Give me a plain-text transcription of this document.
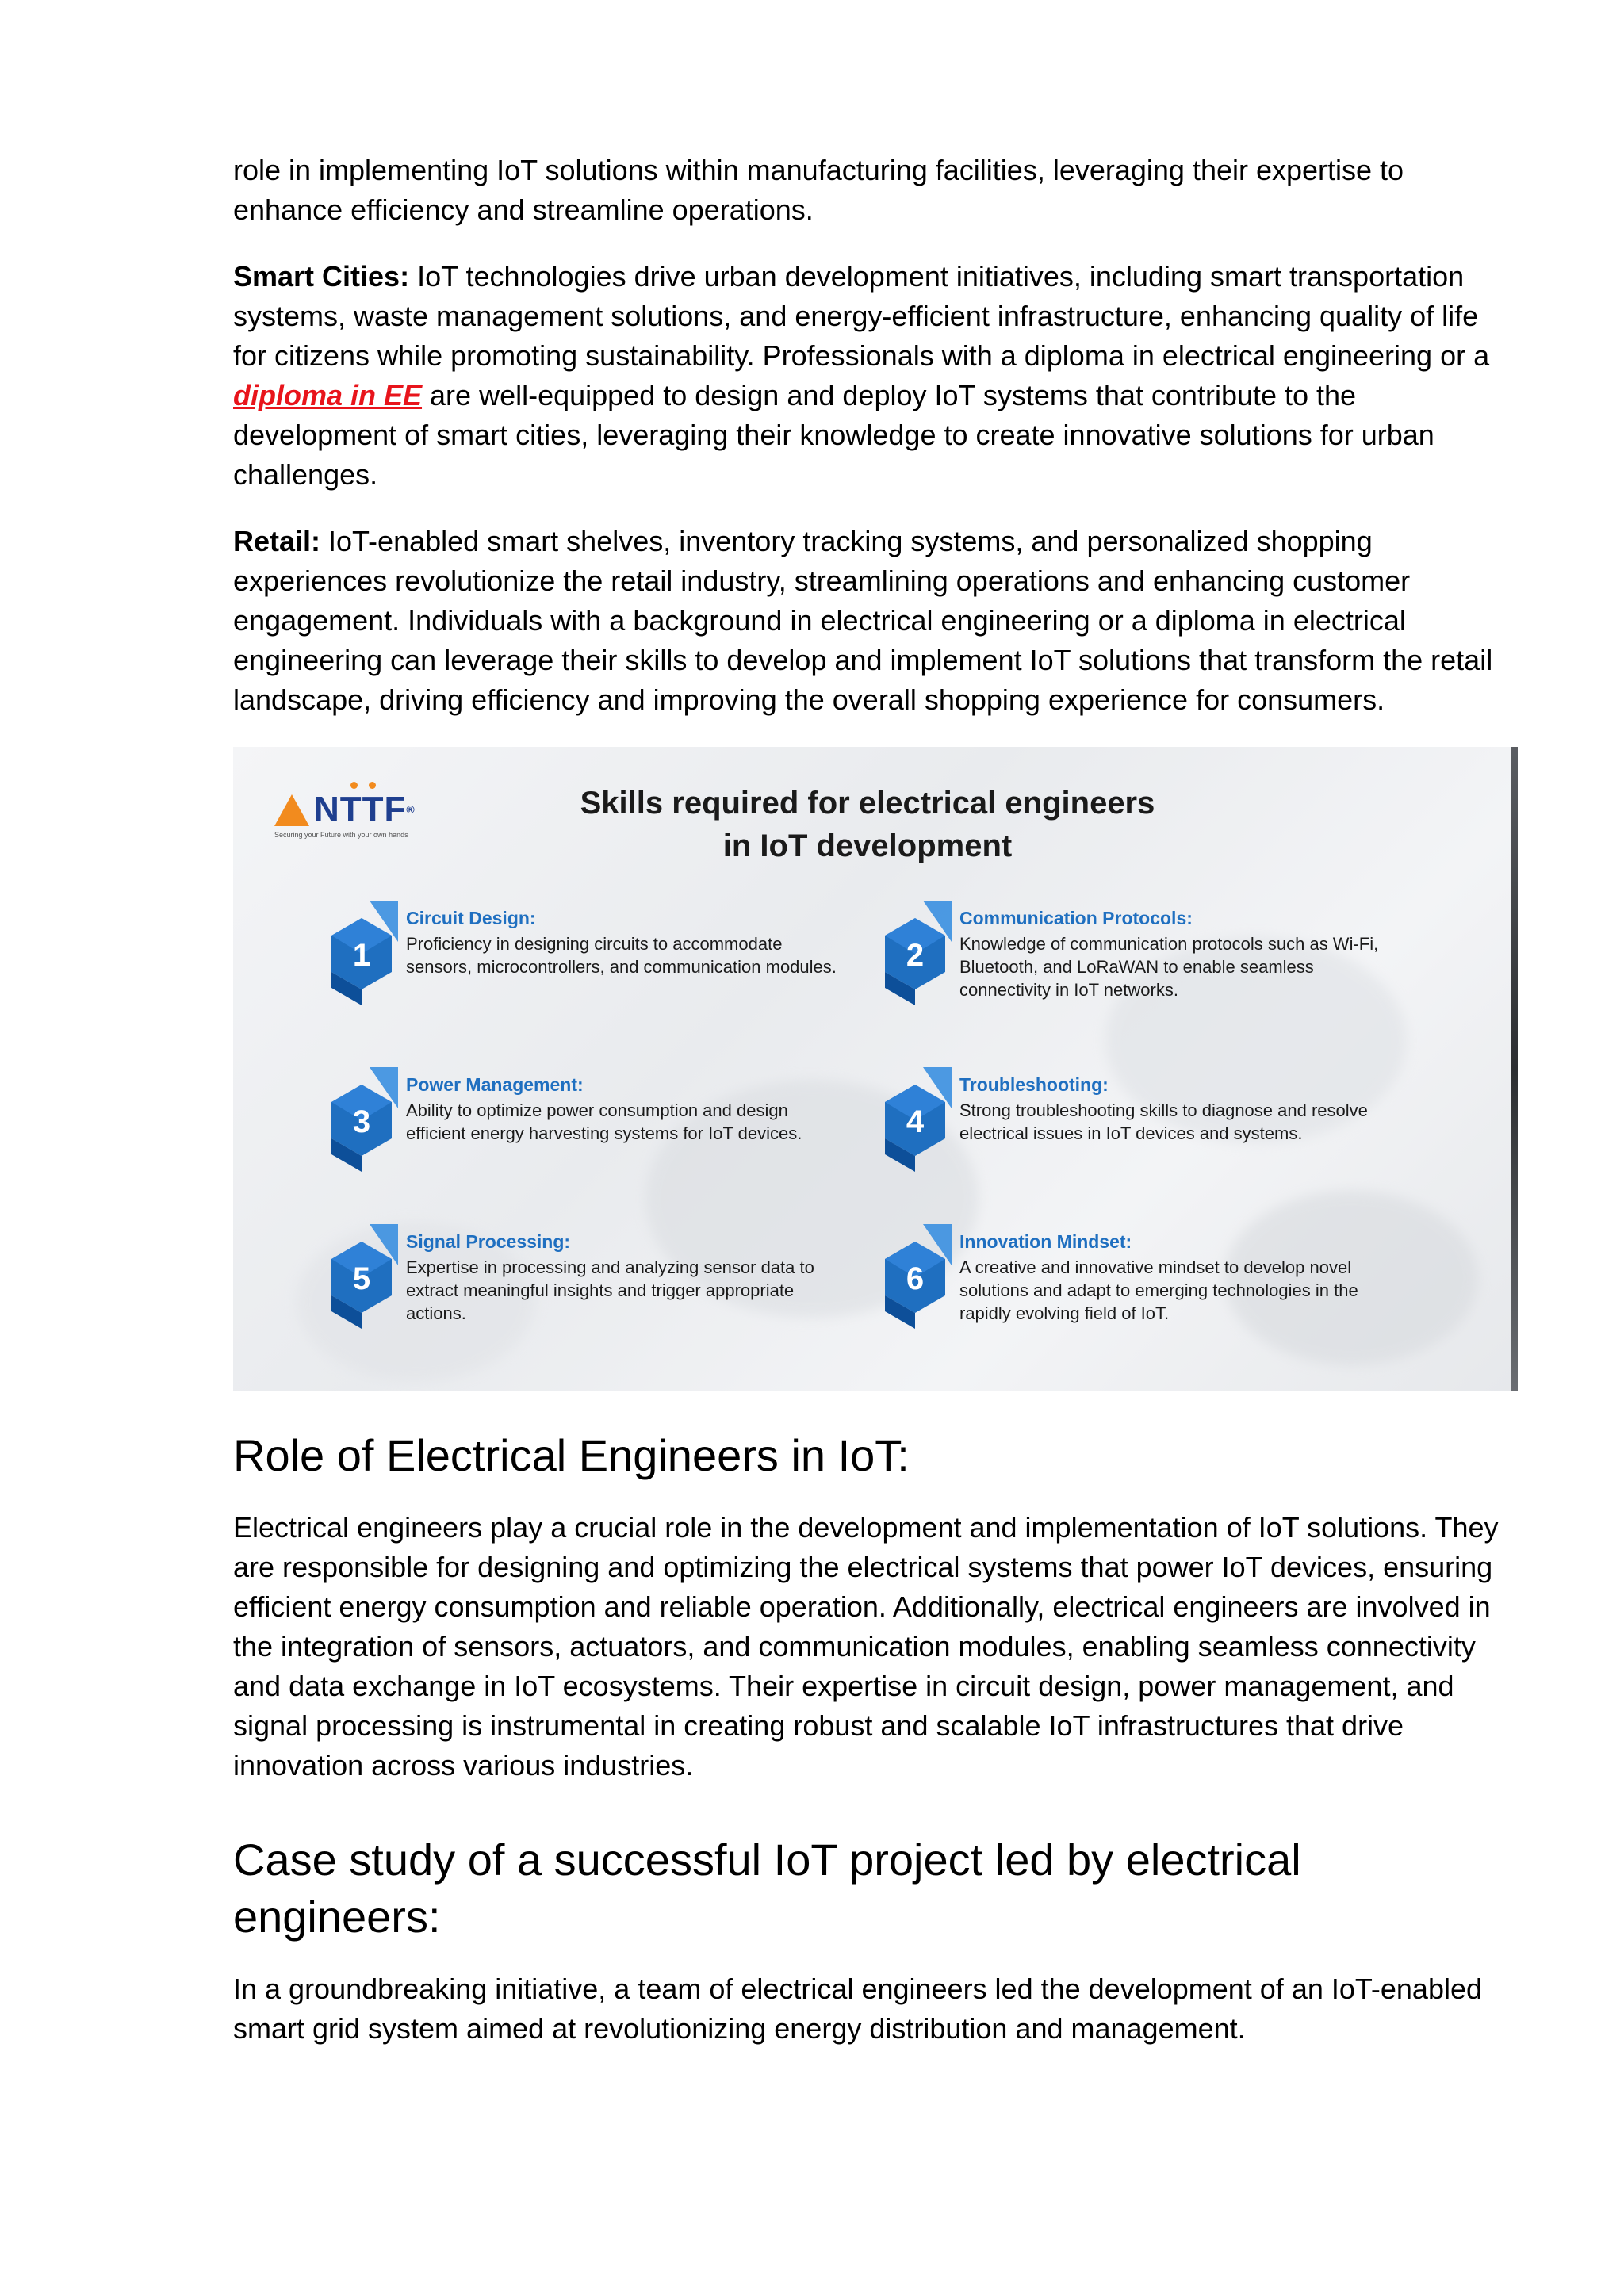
role in implementing IoT solutions within manufacturing facilities, leveraging their expertise to enhance efficiency and streamline operations.

Smart Cities: IoT technologies drive urban development initiatives, including smart transportation systems, waste management solutions, and energy-efficient infrastructure, enhancing quality of life for citizens while promoting sustainability. Professionals with a diploma in electrical engineering or a diploma in EE are well-equipped to design and deploy IoT systems that contribute to the development of smart cities, leveraging their knowledge to create innovative solutions for urban challenges.

Retail: IoT-enabled smart shelves, inventory tracking systems, and personalized shopping experiences revolutionize the retail industry, streamlining operations and enhancing customer engagement. Individuals with a background in electrical engineering or a diploma in electrical engineering can leverage their skills to develop and implement IoT solutions that transform the retail landscape, driving efficiency and improving the overall shopping experience for consumers.

NTTF®
Securing your Future with your own hands
Skills required for electrical engineers
in IoT development
1
Circuit Design:
Proficiency in designing circuits to accommodate sensors, microcontrollers, and communication modules.	2
Communication Protocols:
Knowledge of communication protocols such as Wi-Fi, Bluetooth, and LoRaWAN to enable seamless connectivity in IoT networks.
3
Power Management:
Ability to optimize power consumption and design efficient energy harvesting systems for IoT devices.	4
Troubleshooting:
Strong troubleshooting skills to diagnose and resolve electrical issues in IoT devices and systems.
5
Signal Processing:
Expertise in processing and analyzing sensor data to extract meaningful insights and trigger appropriate actions.
6
Innovation Mindset:
A creative and innovative mindset to develop novel solutions and adapt to emerging technologies in the rapidly evolving field of IoT.
Role of Electrical Engineers in IoT:

Electrical engineers play a crucial role in the development and implementation of IoT solutions. They are responsible for designing and optimizing the electrical systems that power IoT devices, ensuring efficient energy consumption and reliable operation. Additionally, electrical engineers are involved in the integration of sensors, actuators, and communication modules, enabling seamless connectivity and data exchange in IoT ecosystems. Their expertise in circuit design, power management, and signal processing is instrumental in creating robust and scalable IoT infrastructures that drive innovation across various industries.

Case study of a successful IoT project led by electrical engineers:

In a groundbreaking initiative, a team of electrical engineers led the development of an IoT-enabled smart grid system aimed at revolutionizing energy distribution and management.
